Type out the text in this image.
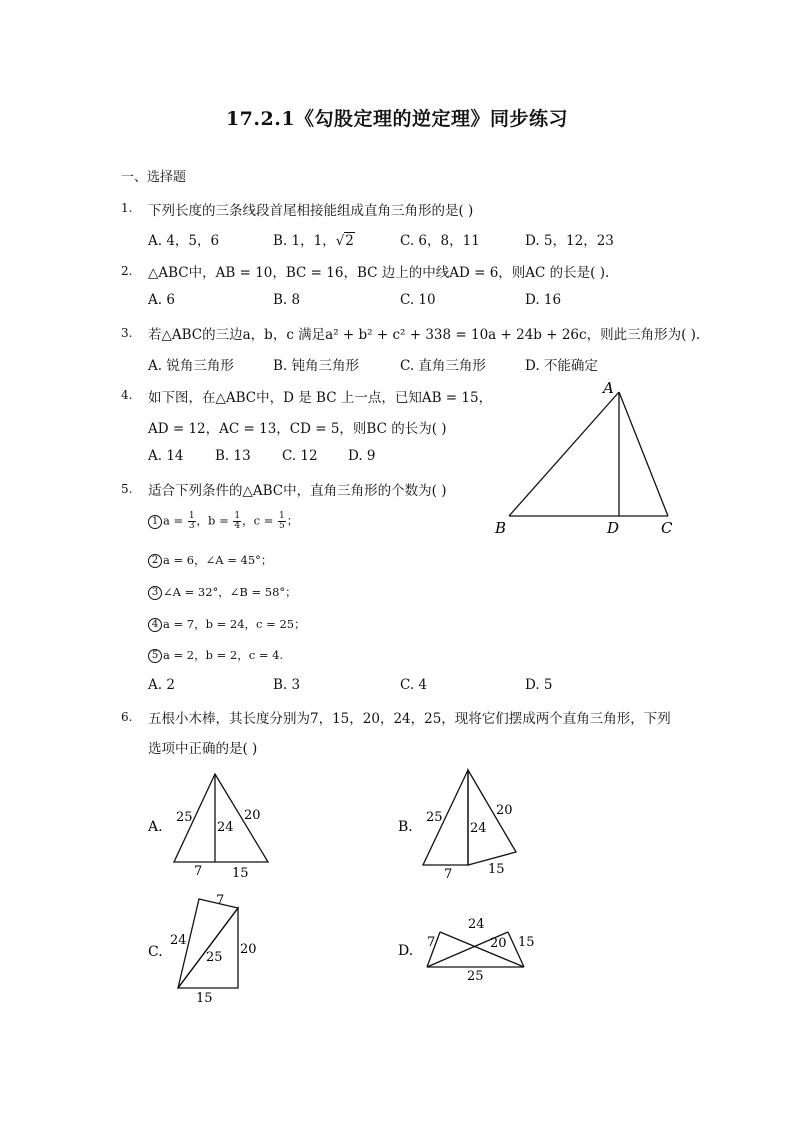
17.2.1《勾股定理的逆定理》同步练习
一、选择题
1. 下列长度的三条线段首尾相接能组成直角三角形的是( )
A. 4，5，6	B. 1，1，√2	C. 6，8，11	D. 5，12，23
2. △ABC中，AB = 10，BC = 16，BC 边上的中线AD = 6，则AC 的长是( ).
A. 6	B. 8	C. 10	D. 16
3. 若△ABC的三边a，b，c 满足a² + b² + c² + 338 = 10a + 24b + 26c，则此三角形为( ).
A. 锐角三角形	B. 钝角三角形	C. 直角三角形	D. 不能确定
4. 如下图，在△ABC中，D 是 BC 上一点，已知AB = 15，
AD = 12，AC = 13，CD = 5，则BC 的长为( )
A. 14 B. 13 C. 12 D. 9
A
B	D	C
5. 适合下列条件的△ABC中，直角三角形的个数为( )
1 $a = \frac{1}{3}$ ，$b = \frac{1}{4}$ ，$c = \frac{1}{5}$ ；
2 a = 6，∠A = 45°；
3 ∠A = 32°，∠B = 58°；
4 a = 7，b = 24，c = 25；
5 a = 2，b = 2，c = 4.
A. 2	B. 3	C. 4	D. 5
6. 五根小木棒，其长度分别为7，15，20，24，25，现将它们摆成两个直角三角形，下列
选项中正确的是( )
A.
25
24
20
7 15
B.
25
24
20
7	15
C.
7
24
25
20
15
D.
24
7	20 15
25
